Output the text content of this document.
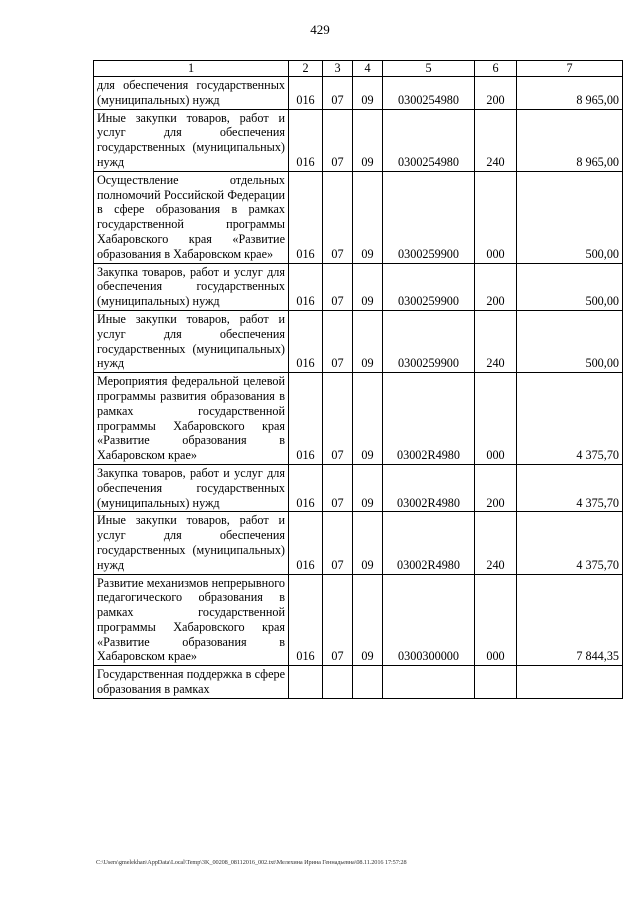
429
1	2	3	4	5	6	7
для обеспечения государственных (муниципальных) нужд	016	07	09	0300254980	200	8 965,00
Иные закупки товаров, работ и услуг для обеспечения государственных (муниципальных) нужд	016	07	09	0300254980	240	8 965,00
Осуществление отдельных полномочий Российской Федерации в сфере образования в рамках государственной программы Хабаровского края «Развитие образования в Хабаровском крае»	016	07	09	0300259900	000	500,00
Закупка товаров, работ и услуг для обеспечения государственных (муниципальных) нужд	016	07	09	0300259900	200	500,00
Иные закупки товаров, работ и услуг для обеспечения государственных (муниципальных) нужд	016	07	09	0300259900	240	500,00
Мероприятия федеральной целевой программы развития образования в рамках государственной программы Хабаровского края «Развитие образования в Хабаровском крае»	016	07	09	03002R4980	000	4 375,70
Закупка товаров, работ и услуг для обеспечения государственных (муниципальных) нужд	016	07	09	03002R4980	200	4 375,70
Иные закупки товаров, работ и услуг для обеспечения государственных (муниципальных) нужд	016	07	09	03002R4980	240	4 375,70
Развитие механизмов непрерывного педагогического образования в рамках государственной программы Хабаровского края «Развитие образования в Хабаровском крае»	016	07	09	0300300000	000	7 844,35
Государственная поддержка в сфере образования в рамках						
C:\Users\gmelekhan\AppData\Local\Temp\3K_00208_08112016_002.txt\Мелехина Ирина Геннадьевна\08.11.2016 17:57:28
